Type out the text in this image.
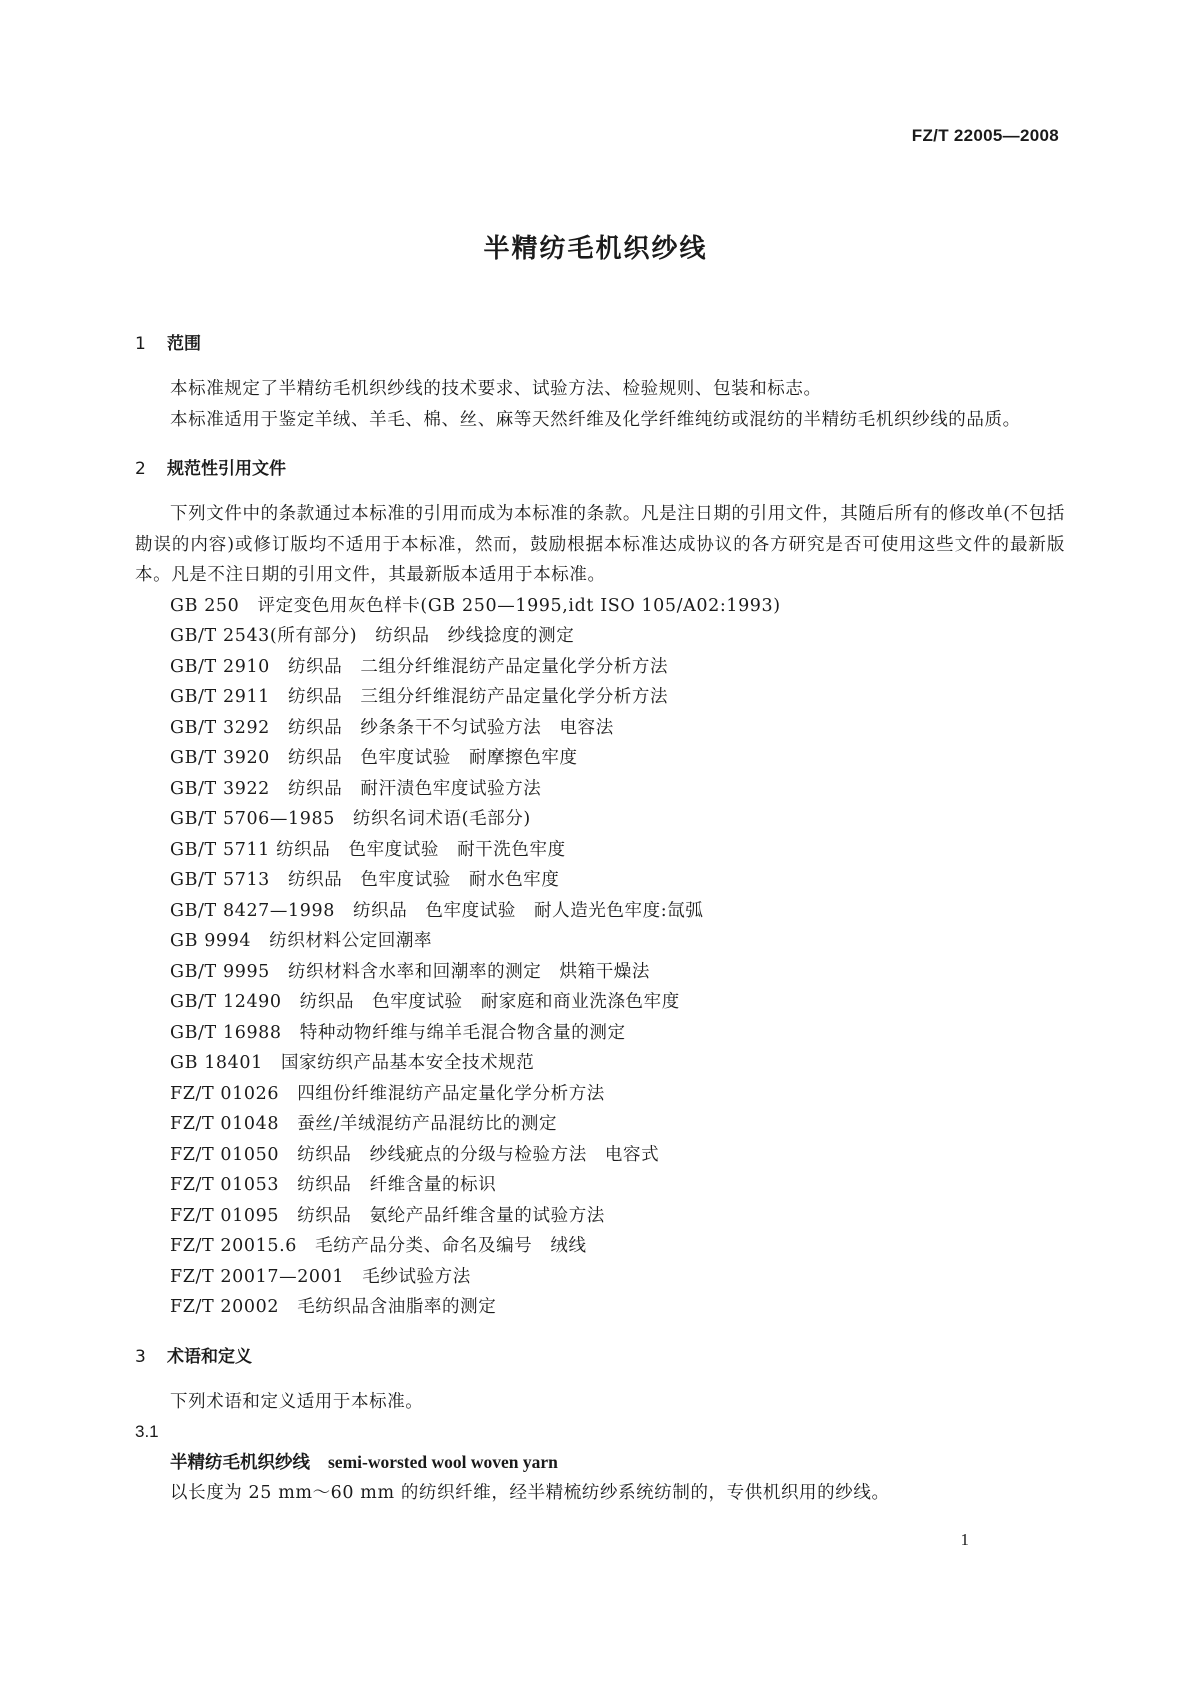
FZ/T 22005—2008
半精纺毛机织纱线
1 范围

本标准规定了半精纺毛机织纱线的技术要求、试验方法、检验规则、包装和标志。

本标准适用于鉴定羊绒、羊毛、棉、丝、麻等天然纤维及化学纤维纯纺或混纺的半精纺毛机织纱线的品质。

2 规范性引用文件

下列文件中的条款通过本标准的引用而成为本标准的条款。凡是注日期的引用文件，其随后所有的修改单(不包括勘误的内容)或修订版均不适用于本标准，然而，鼓励根据本标准达成协议的各方研究是否可使用这些文件的最新版本。凡是不注日期的引用文件，其最新版本适用于本标准。

GB 250　评定变色用灰色样卡(GB 250—1995,idt ISO 105/A02:1993)
GB/T 2543(所有部分)　纺织品　纱线捻度的测定
GB/T 2910　纺织品　二组分纤维混纺产品定量化学分析方法
GB/T 2911　纺织品　三组分纤维混纺产品定量化学分析方法
GB/T 3292　纺织品　纱条条干不匀试验方法　电容法
GB/T 3920　纺织品　色牢度试验　耐摩擦色牢度
GB/T 3922　纺织品　耐汗渍色牢度试验方法
GB/T 5706—1985　纺织名词术语(毛部分)
GB/T 5711 纺织品　色牢度试验　耐干洗色牢度
GB/T 5713　纺织品　色牢度试验　耐水色牢度
GB/T 8427—1998　纺织品　色牢度试验　耐人造光色牢度:氙弧
GB 9994　纺织材料公定回潮率
GB/T 9995　纺织材料含水率和回潮率的测定　烘箱干燥法
GB/T 12490　纺织品　色牢度试验　耐家庭和商业洗涤色牢度
GB/T 16988　特种动物纤维与绵羊毛混合物含量的测定
GB 18401　国家纺织产品基本安全技术规范
FZ/T 01026　四组份纤维混纺产品定量化学分析方法
FZ/T 01048　蚕丝/羊绒混纺产品混纺比的测定
FZ/T 01050　纺织品　纱线疵点的分级与检验方法　电容式
FZ/T 01053　纺织品　纤维含量的标识
FZ/T 01095　纺织品　氨纶产品纤维含量的试验方法
FZ/T 20015.6　毛纺产品分类、命名及编号　绒线
FZ/T 20017—2001　毛纱试验方法
FZ/T 20002　毛纺织品含油脂率的测定
3 术语和定义

下列术语和定义适用于本标准。

3.1
半精纺毛机织纱线 semi-worsted wool woven yarn

以长度为 25 mm～60 mm 的纺织纤维，经半精梳纺纱系统纺制的，专供机织用的纱线。

1
